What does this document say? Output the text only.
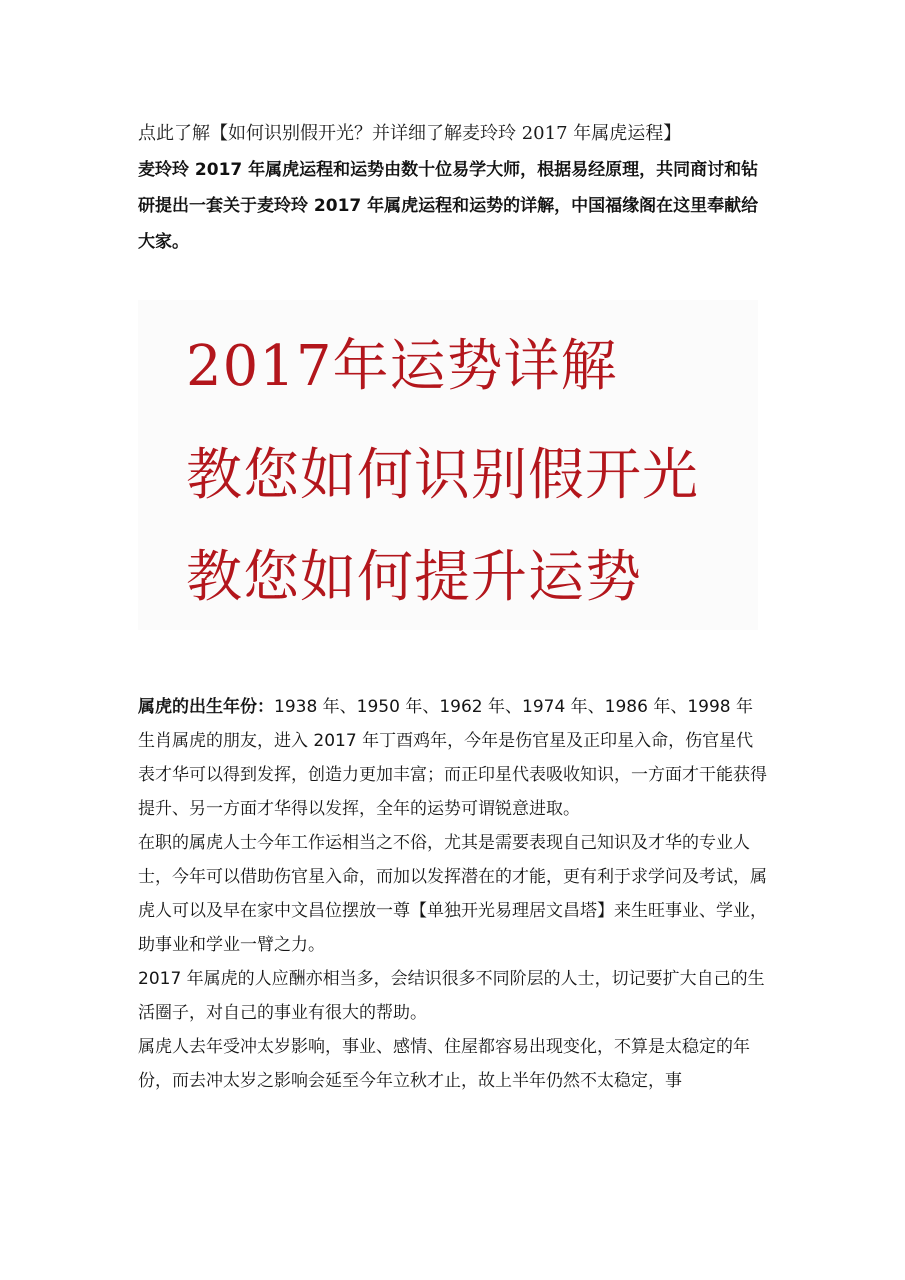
点此了解【如何识别假开光？并详细了解麦玲玲 2017 年属虎运程】
麦玲玲 2017 年属虎运程和运势由数十位易学大师，根据易经原理，共同商讨和钻研提出一套关于麦玲玲 2017 年属虎运程和运势的详解，中国福缘阁在这里奉献给大家。
2017年运势详解
教您如何识别假开光
教您如何提升运势

属虎的出生年份：1938 年、1950 年、1962 年、1974 年、1986 年、1998 年

生肖属虎的朋友，进入 2017 年丁酉鸡年，今年是伤官星及正印星入命，伤官星代表才华可以得到发挥，创造力更加丰富；而正印星代表吸收知识，一方面才干能获得提升、另一方面才华得以发挥，全年的运势可谓锐意进取。

在职的属虎人士今年工作运相当之不俗，尤其是需要表现自己知识及才华的专业人士，今年可以借助伤官星入命，而加以发挥潜在的才能，更有利于求学问及考试，属虎人可以及早在家中文昌位摆放一尊【单独开光易理居文昌塔】来生旺事业、学业，助事业和学业一臂之力。

2017 年属虎的人应酬亦相当多，会结识很多不同阶层的人士，切记要扩大自己的生活圈子，对自己的事业有很大的帮助。

属虎人去年受冲太岁影响，事业、感情、住屋都容易出现变化，不算是太稳定的年份，而去冲太岁之影响会延至今年立秋才止，故上半年仍然不太稳定，事
